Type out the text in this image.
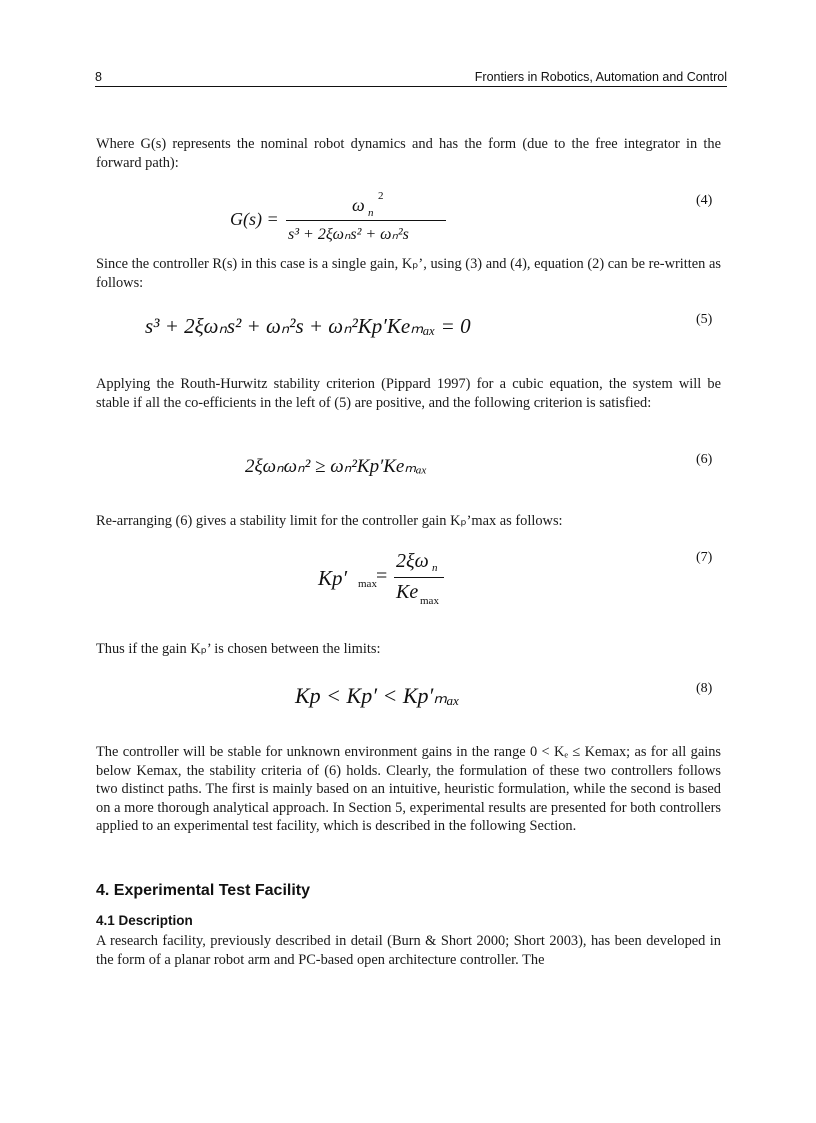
8	Frontiers in Robotics, Automation and Control

Where G(s) represents the nominal robot dynamics and has the form (due to the free integrator in the forward path):

G(s) =
ω 2
n
s³ + 2ξωₙs² + ωₙ²s
(4)

Since the controller R(s) in this case is a single gain, Kₚ’, using (3) and (4), equation (2) can be re-written as follows:

s³ + 2ξωₙs² + ωₙ²s + ωₙ²Kp′Keₘₐₓ = 0	(5)

Applying the Routh-Hurwitz stability criterion (Pippard 1997) for a cubic equation, the system will be stable if all the co-efficients in the left of (5) are positive, and the following criterion is satisfied:

2ξωₙωₙ² ≥ ωₙ²Kp′Keₘₐₓ	(6)

Re-arranging (6) gives a stability limit for the controller gain Kₚ’max as follows:

Kp′ max =
2ξω n
Ke max
(7)

Thus if the gain Kₚ’ is chosen between the limits:

Kp < Kp′ < Kp′ₘₐₓ	(8)

The controller will be stable for unknown environment gains in the range 0 < Kₑ ≤ Kemax; as for all gains below Kemax, the stability criteria of (6) holds. Clearly, the formulation of these two controllers follows two distinct paths. The first is mainly based on an intuitive, heuristic formulation, while the second is based on a more thorough analytical approach. In Section 5, experimental results are presented for both controllers applied to an experimental test facility, which is described in the following Section.

4. Experimental Test Facility
4.1 Description

A research facility, previously described in detail (Burn & Short 2000; Short 2003), has been developed in the form of a planar robot arm and PC-based open architecture controller. The
